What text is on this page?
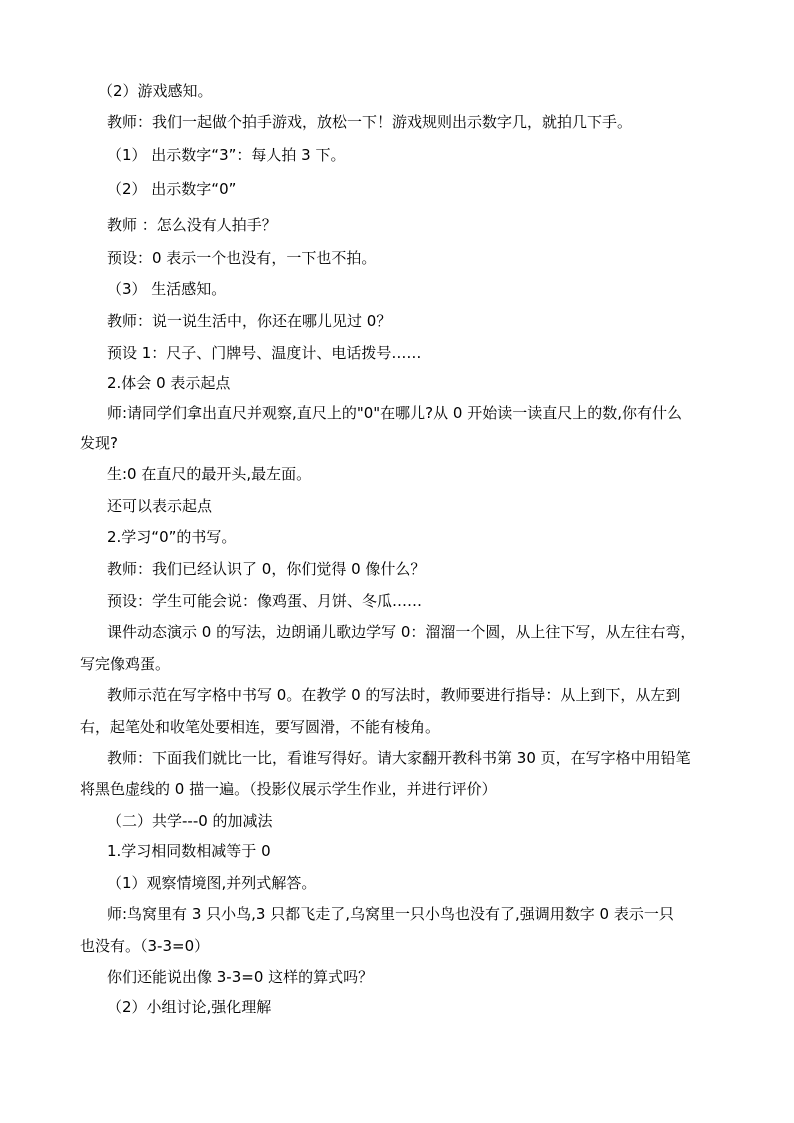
（2）游戏感知。
教师：我们一起做个拍手游戏，放松一下！游戏规则出示数字几，就拍几下手。
（1） 出示数字“3”：每人拍 3 下。
（2） 出示数字“0”
教师 ：怎么没有人拍手？
预设：0 表示一个也没有，一下也不拍。
（3） 生活感知。
教师：说一说生活中，你还在哪儿见过 0？
预设 1：尺子、门牌号、温度计、电话拨号……
2.体会 0 表示起点
师:请同学们拿出直尺并观察,直尺上的"0"在哪儿?从 0 开始读一读直尺上的数,你有什么
发现?
生:0 在直尺的最开头,最左面。
还可以表示起点
2.学习“0”的书写。
教师：我们已经认识了 0，你们觉得 0 像什么？
预设：学生可能会说：像鸡蛋、月饼、冬瓜……
课件动态演示 0 的写法，边朗诵儿歌边学写 0：溜溜一个圆，从上往下写，从左往右弯，
写完像鸡蛋。
教师示范在写字格中书写 0。在教学 0 的写法时，教师要进行指导：从上到下，从左到
右，起笔处和收笔处要相连，要写圆滑，不能有棱角。
教师：下面我们就比一比，看谁写得好。请大家翻开教科书第 30 页，在写字格中用铅笔
将黑色虚线的 0 描一遍。（投影仪展示学生作业，并进行评价）
（二）共学---0 的加减法
1.学习相同数相减等于 0
（1）观察情境图,并列式解答。
师:鸟窝里有 3 只小鸟,3 只都飞走了,乌窝里一只小鸟也没有了,强调用数字 0 表示一只
也没有。（3-3=0）
你们还能说出像 3-3=0 这样的算式吗？
（2）小组讨论,强化理解
